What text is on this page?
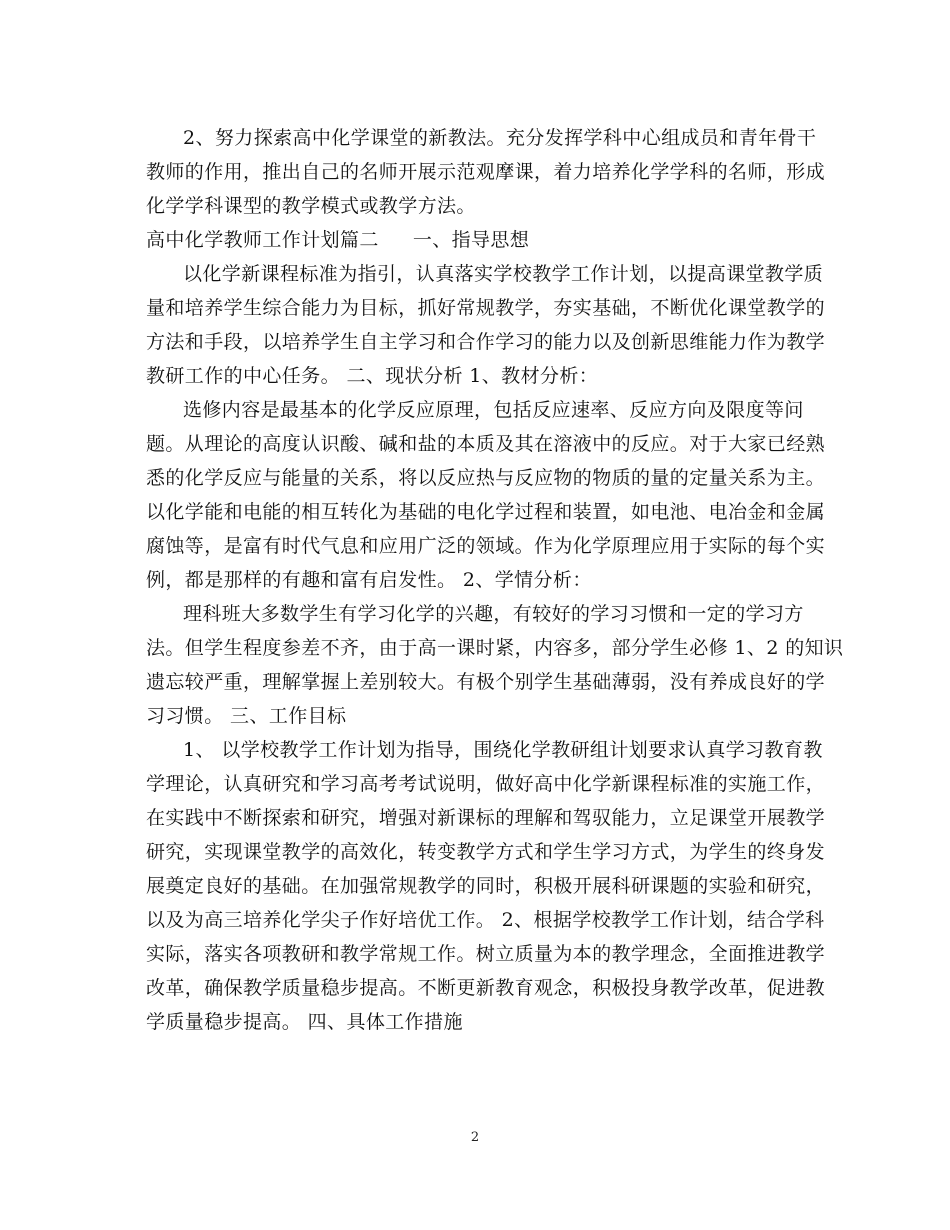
2、努力探索高中化学课堂的新教法。充分发挥学科中心组成员和青年骨干
教师的作用，推出自己的名师开展示范观摩课，着力培养化学学科的名师，形成
化学学科课型的教学模式或教学方法。
高中化学教师工作计划篇二 一、指导思想
以化学新课程标准为指引，认真落实学校教学工作计划，以提高课堂教学质
量和培养学生综合能力为目标，抓好常规教学，夯实基础，不断优化课堂教学的
方法和手段，以培养学生自主学习和合作学习的能力以及创新思维能力作为教学
教研工作的中心任务。 二、现状分析 1、教材分析：
选修内容是最基本的化学反应原理，包括反应速率、反应方向及限度等问
题。从理论的高度认识酸、碱和盐的本质及其在溶液中的反应。对于大家已经熟
悉的化学反应与能量的关系，将以反应热与反应物的物质的量的定量关系为主。
以化学能和电能的相互转化为基础的电化学过程和装置，如电池、电冶金和金属
腐蚀等，是富有时代气息和应用广泛的领域。作为化学原理应用于实际的每个实
例，都是那样的有趣和富有启发性。 2、学情分析：
理科班大多数学生有学习化学的兴趣，有较好的学习习惯和一定的学习方
法。但学生程度参差不齐，由于高一课时紧，内容多，部分学生必修 1、2 的知识
遗忘较严重，理解掌握上差别较大。有极个别学生基础薄弱，没有养成良好的学
习习惯。 三、工作目标
1、 以学校教学工作计划为指导，围绕化学教研组计划要求认真学习教育教
学理论，认真研究和学习高考考试说明，做好高中化学新课程标准的实施工作，
在实践中不断探索和研究，增强对新课标的理解和驾驭能力，立足课堂开展教学
研究，实现课堂教学的高效化，转变教学方式和学生学习方式，为学生的终身发
展奠定良好的基础。在加强常规教学的同时，积极开展科研课题的实验和研究，
以及为高三培养化学尖子作好培优工作。 2、根据学校教学工作计划，结合学科
实际，落实各项教研和教学常规工作。树立质量为本的教学理念，全面推进教学
改革，确保教学质量稳步提高。不断更新教育观念，积极投身教学改革，促进教
学质量稳步提高。 四、具体工作措施
2
